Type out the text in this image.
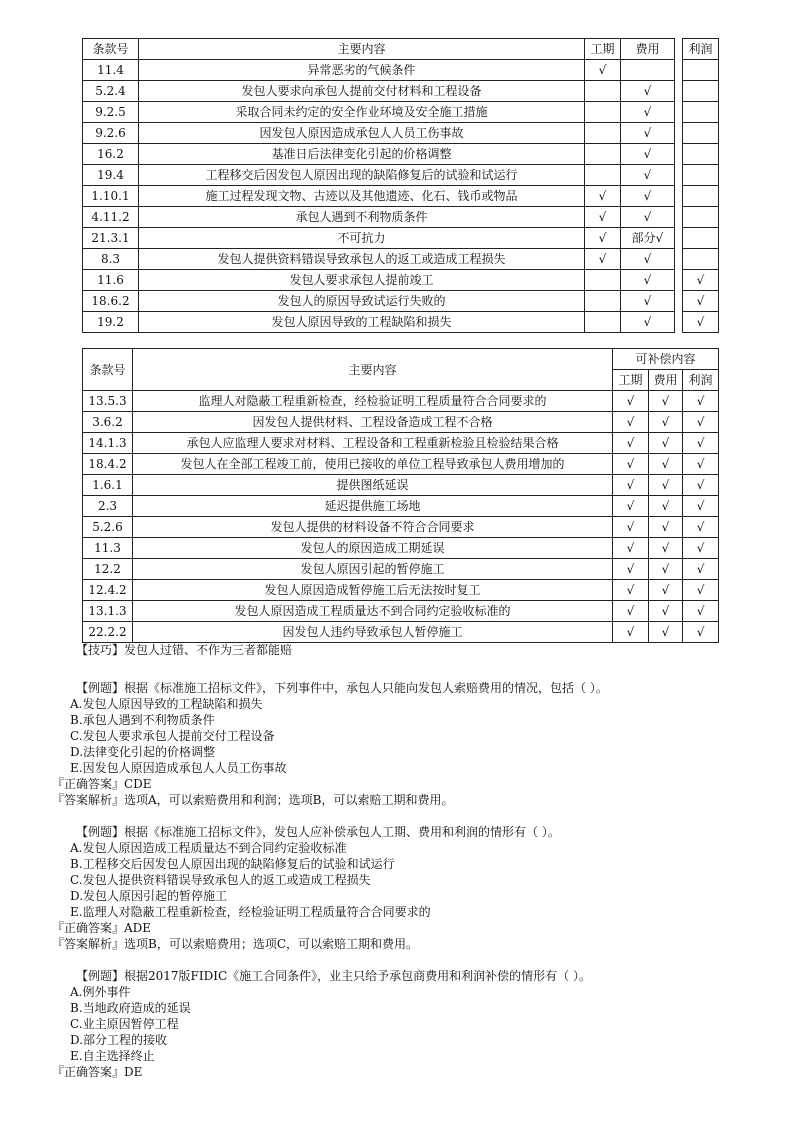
条款号	主要内容	工期	费用		利润
11.4	异常恶劣的气候条件	√			
5.2.4	发包人要求向承包人提前交付材料和工程设备		√		
9.2.5	采取合同未约定的安全作业环境及安全施工措施		√		
9.2.6	因发包人原因造成承包人人员工伤事故		√		
16.2	基准日后法律变化引起的价格调整		√		
19.4	工程移交后因发包人原因出现的缺陷修复后的试验和试运行		√		
1.10.1	施工过程发现文物、古迹以及其他遗迹、化石、钱币或物品	√	√		
4.11.2	承包人遇到不利物质条件	√	√		
21.3.1	不可抗力	√	部分√		
8.3	发包人提供资料错误导致承包人的返工或造成工程损失	√	√		
11.6	发包人要求承包人提前竣工		√		√
18.6.2	发包人的原因导致试运行失败的		√		√
19.2	发包人原因导致的工程缺陷和损失		√		√
条款号	主要内容	可补偿内容		
		工期	费用	利润
13.5.3	监理人对隐蔽工程重新检查，经检验证明工程质量符合合同要求的	√	√	√
3.6.2	因发包人提供材料、工程设备造成工程不合格	√	√	√
14.1.3	承包人应监理人要求对材料、工程设备和工程重新检验且检验结果合格	√	√	√
18.4.2	发包人在全部工程竣工前，使用已接收的单位工程导致承包人费用增加的	√	√	√
1.6.1	提供图纸延误	√	√	√
2.3	延迟提供施工场地	√	√	√
5.2.6	发包人提供的材料设备不符合合同要求	√	√	√
11.3	发包人的原因造成工期延误	√	√	√
12.2	发包人原因引起的暂停施工	√	√	√
12.4.2	发包人原因造成暂停施工后无法按时复工	√	√	√
13.1.3	发包人原因造成工程质量达不到合同约定验收标准的	√	√	√
22.2.2	因发包人违约导致承包人暂停施工	√	√	√
【技巧】发包人过错、不作为三者都能赔
【例题】根据《标准施工招标文件》，下列事件中，承包人只能向发包人索赔费用的情况，包括（ ）。
A.发包人原因导致的工程缺陷和损失
B.承包人遇到不利物质条件
C.发包人要求承包人提前交付工程设备
D.法律变化引起的价格调整
E.因发包人原因造成承包人人员工伤事故
『正确答案』CDE
『答案解析』选项A，可以索赔费用和利润；选项B，可以索赔工期和费用。
【例题】根据《标准施工招标文件》，发包人应补偿承包人工期、费用和利润的情形有（ ）。
A.发包人原因造成工程质量达不到合同约定验收标准
B.工程移交后因发包人原因出现的缺陷修复后的试验和试运行
C.发包人提供资料错误导致承包人的返工或造成工程损失
D.发包人原因引起的暂停施工
E.监理人对隐蔽工程重新检查，经检验证明工程质量符合合同要求的
『正确答案』ADE
『答案解析』选项B，可以索赔费用；选项C，可以索赔工期和费用。
【例题】根据2017版FIDIC《施工合同条件》，业主只给予承包商费用和利润补偿的情形有（ ）。
A.例外事件
B.当地政府造成的延误
C.业主原因暂停工程
D.部分工程的接收
E.自主选择终止
『正确答案』DE
